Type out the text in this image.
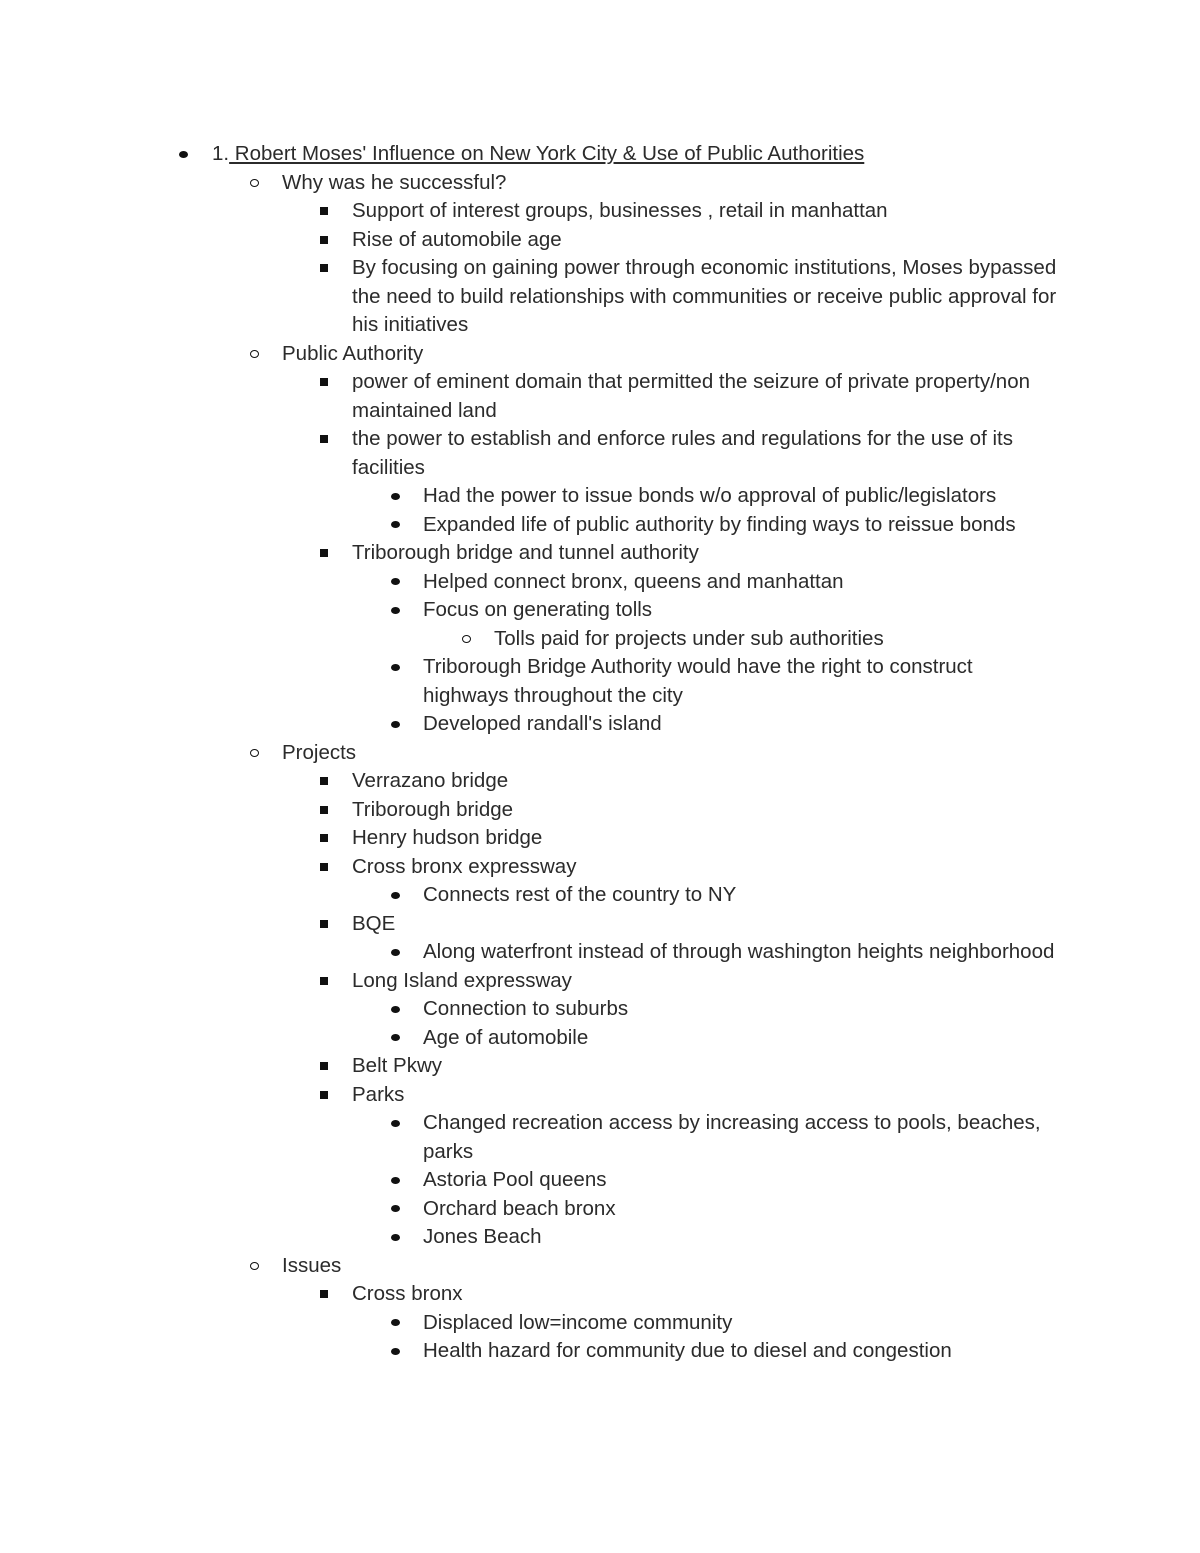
1. Robert Moses' Influence on New York City & Use of Public Authorities
Why was he successful?
Support of interest groups, businesses , retail in manhattan
Rise of automobile age
By focusing on gaining power through economic institutions, Moses bypassed the need to build relationships with communities or receive public approval for his initiatives
Public Authority
power of eminent domain that permitted the seizure of private property/non maintained land
the power to establish and enforce rules and regulations for the use of its facilities
Had the power to issue bonds w/o approval of public/legislators
Expanded life of public authority by finding ways to reissue bonds
Triborough bridge and tunnel authority
Helped connect bronx, queens and manhattan
Focus on generating tolls
Tolls paid for projects under sub authorities
Triborough Bridge Authority would have the right to construct highways throughout the city
Developed randall's island
Projects
Verrazano bridge
Triborough bridge
Henry hudson bridge
Cross bronx expressway
Connects rest of the country to NY
BQE
Along waterfront instead of through washington heights neighborhood
Long Island expressway
Connection to suburbs
Age of automobile
Belt Pkwy
Parks
Changed recreation access by increasing access to pools, beaches, parks
Astoria Pool queens
Orchard beach bronx
Jones Beach
Issues
Cross bronx
Displaced low=income community
Health hazard for community due to diesel and congestion
